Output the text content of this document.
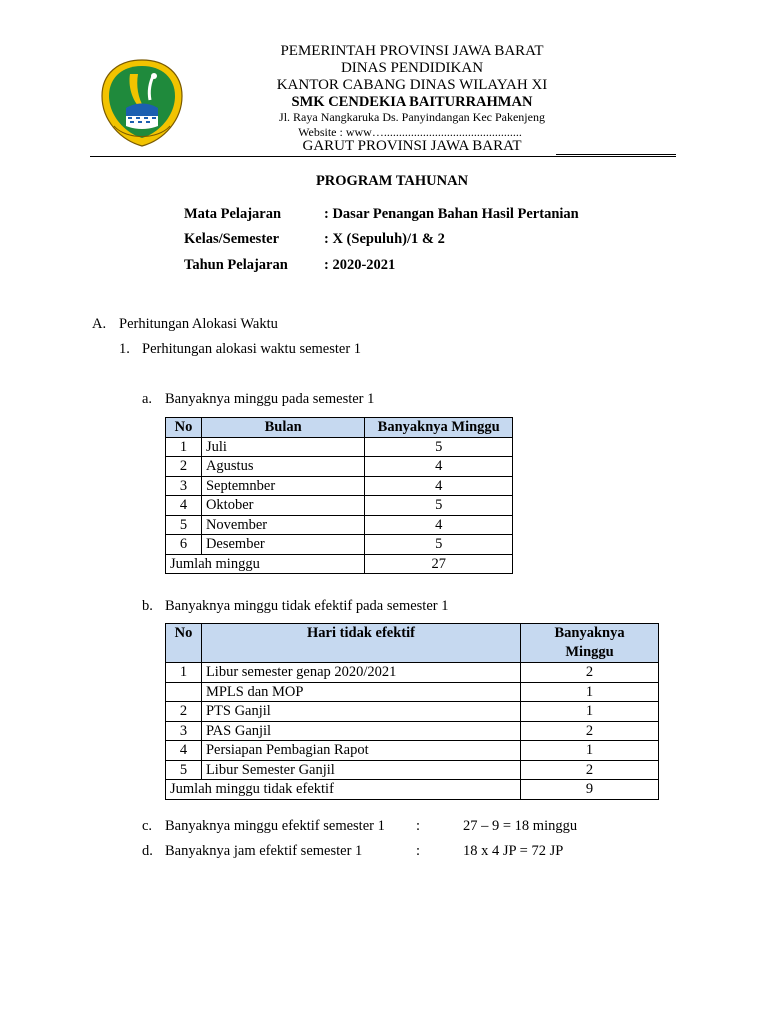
PEMERINTAH PROVINSI JAWA BARAT
DINAS PENDIDIKAN
KANTOR CABANG DINAS WILAYAH XI
SMK CENDEKIA BAITURRAHMAN
Jl. Raya Nangkaruka Ds. Panyindangan Kec Pakenjeng
Website : www…..............................................
GARUT PROVINSI JAWA BARAT
PROGRAM TAHUNAN
Mata Pelajaran	: Dasar Penangan Bahan Hasil Pertanian
Kelas/Semester	: X (Sepuluh)/1 & 2
Tahun Pelajaran : 2020-2021
A. Perhitungan Alokasi Waktu
1. Perhitungan alokasi waktu semester 1
a. Banyaknya minggu pada semester 1
No	Bulan	Banyaknya Minggu
1	Juli	5
2	Agustus	4
3	Septemnber	4
4	Oktober	5
5	November	4
6	Desember	5
Jumlah minggu		27
b. Banyaknya minggu tidak efektif pada semester 1
No	Hari tidak efektif	Banyaknya Minggu
1	Libur semester genap 2020/2021	2
	MPLS dan MOP	1
2	PTS Ganjil	1
3	PAS Ganjil	2
4	Persiapan Pembagian Rapot	1
5	Libur Semester Ganjil	2
Jumlah minggu tidak efektif		9
c. Banyaknya minggu efektif semester 1 :	27 – 9 = 18 minggu
d. Banyaknya jam efektif semester 1	:	18 x 4 JP = 72 JP
